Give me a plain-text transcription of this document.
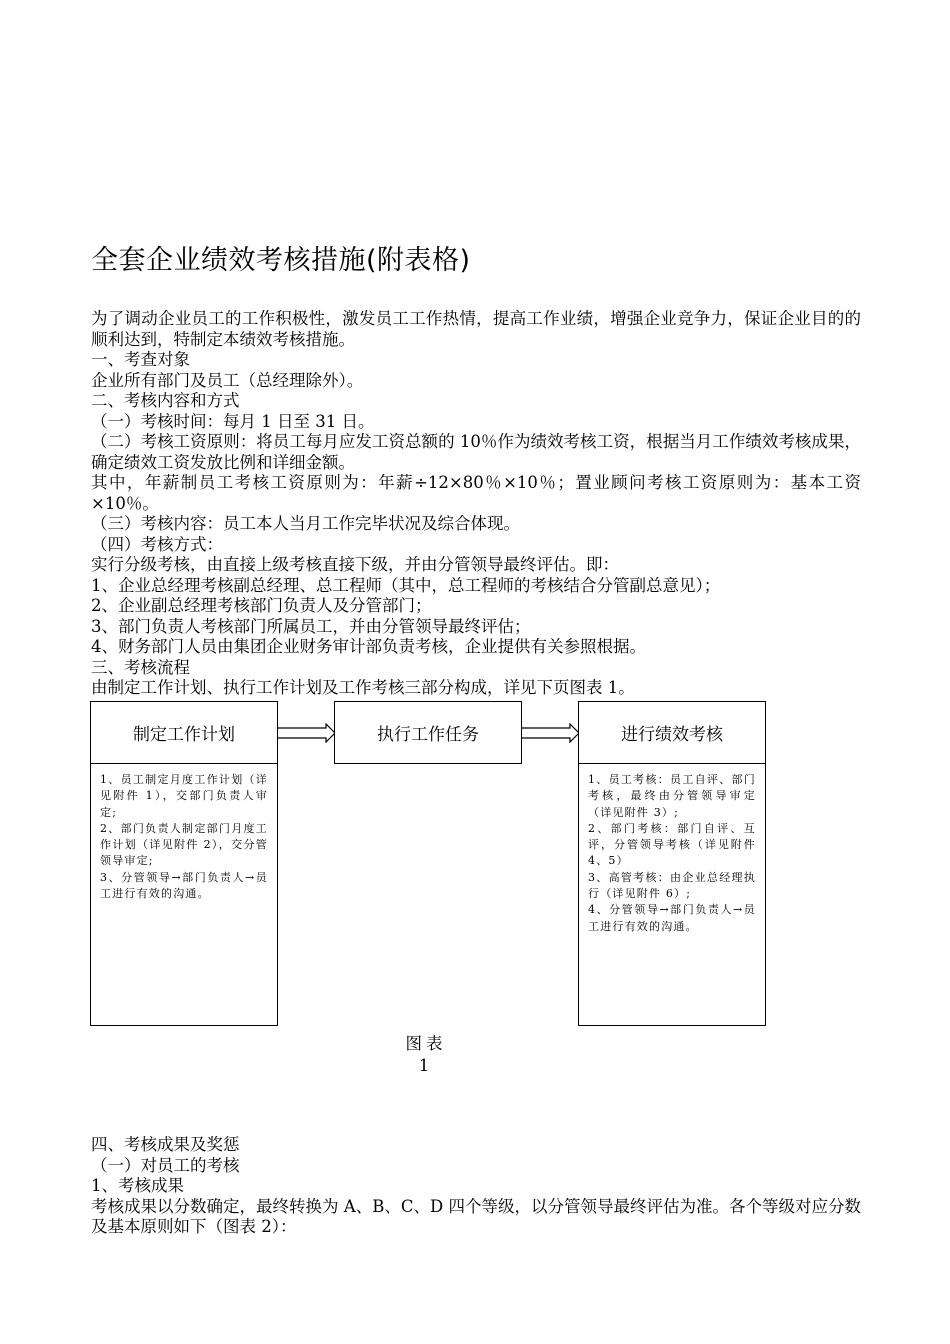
全套企业绩效考核措施(附表格)

为了调动企业员工的工作积极性，激发员工工作热情，提高工作业绩，增强企业竞争力，保证企业目的的顺利达到，特制定本绩效考核措施。

一、考查对象

企业所有部门及员工（总经理除外）。

二、考核内容和方式

（一）考核时间：每月 1 日至 31 日。

（二）考核工资原则：将员工每月应发工资总额的 10％作为绩效考核工资，根据当月工作绩效考核成果，确定绩效工资发放比例和详细金额。

其中，年薪制员工考核工资原则为：年薪÷12×80％×10％；置业顾问考核工资原则为：基本工资×10％。

（三）考核内容：员工本人当月工作完毕状况及综合体现。

（四）考核方式：

实行分级考核，由直接上级考核直接下级，并由分管领导最终评估。即：

1、企业总经理考核副总经理、总工程师（其中，总工程师的考核结合分管副总意见）；

2、企业副总经理考核部门负责人及分管部门；

3、部门负责人考核部门所属员工，并由分管领导最终评估；

4、财务部门人员由集团企业财务审计部负责考核，企业提供有关参照根据。

三、考核流程

由制定工作计划、执行工作计划及工作考核三部分构成，详见下页图表 1。

制定工作计划

1、员工制定月度工作计划（详见附件 1），交部门负责人审定;

2、部门负责人制定部门月度工作计划（详见附件 2），交分管领导审定;

3、分管领导→部门负责人→员工进行有效的沟通。

执行工作任务	进行绩效考核

1、员工考核：员工自评、部门考核，最终由分管领导审定（详见附件 3）;

2、部门考核：部门自评、互评，分管领导考核（详见附件 4、5）

3、高管考核：由企业总经理执行（详见附件 6）;

4、分管领导→部门负责人→员工进行有效的沟通。

图表
1

四、考核成果及奖惩

（一）对员工的考核

1、考核成果

考核成果以分数确定，最终转换为 A、B、C、D 四个等级，以分管领导最终评估为准。各个等级对应分数及基本原则如下（图表 2）：
